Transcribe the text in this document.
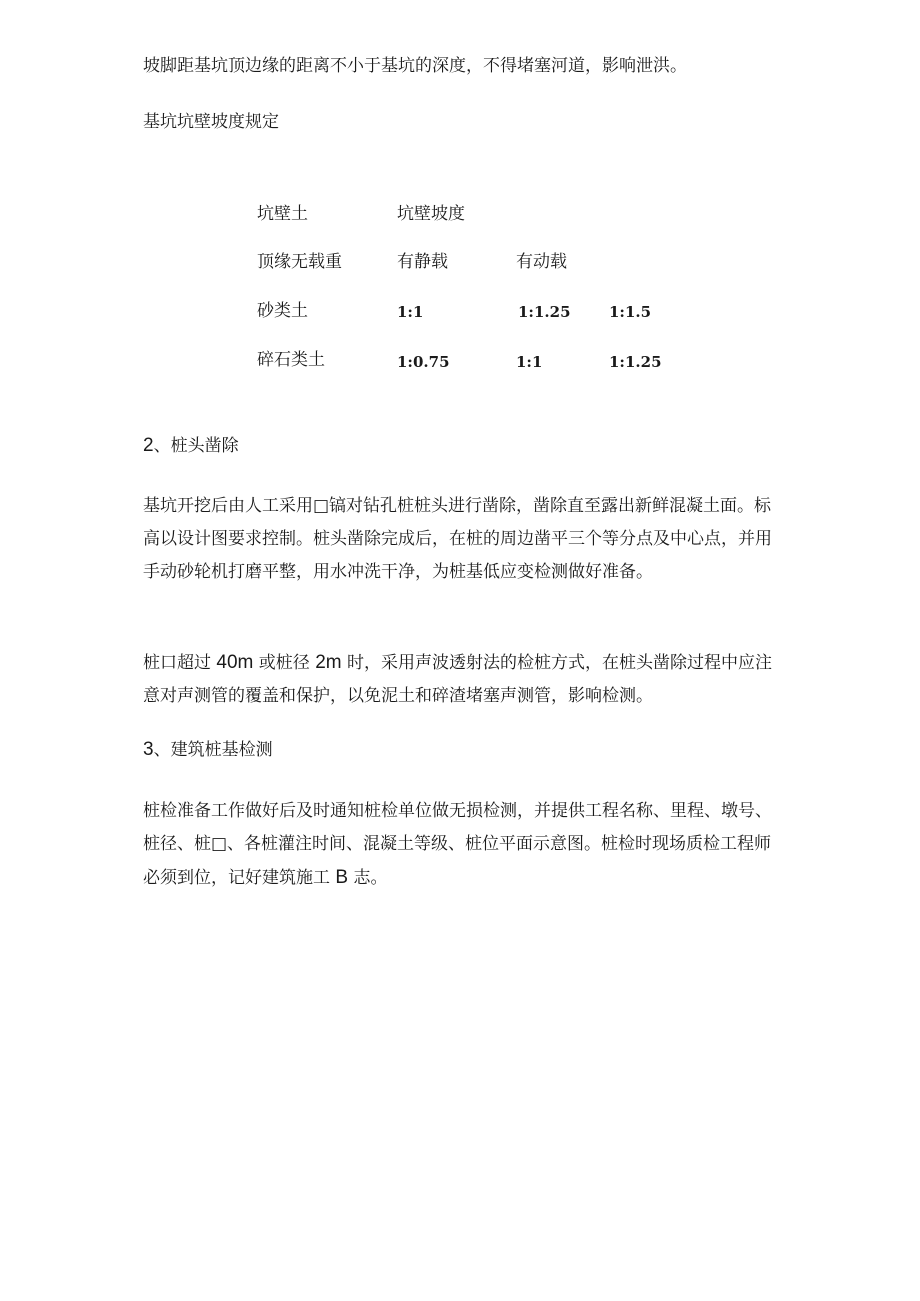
坡脚距基坑顶边缘的距离不小于基坑的深度，不得堵塞河道，影响泄洪。

基坑坑壁坡度规定

坑壁土	坑壁坡度
顶缘无载重	有静载	有动载
砂类土	1:1	1:1.25	1:1.5
碎石类土	1:0.75	1:1	1:1.25
2、桩头凿除

基坑开挖后由人工采用□镐对钻孔桩桩头进行凿除，凿除直至露出新鲜混凝土面。标高以设计图要求控制。桩头凿除完成后，在桩的周边凿平三个等分点及中心点，并用手动砂轮机打磨平整，用水冲洗干净，为桩基低应变检测做好准备。

桩口超过 40m 或桩径 2m 时，采用声波透射法的检桩方式，在桩头凿除过程中应注意对声测管的覆盖和保护，以免泥土和碎渣堵塞声测管，影响检测。

3、建筑桩基检测

桩检准备工作做好后及时通知桩检单位做无损检测，并提供工程名称、里程、墩号、桩径、桩□、各桩灌注时间、混凝土等级、桩位平面示意图。桩检时现场质检工程师必须到位，记好建筑施工 B 志。
